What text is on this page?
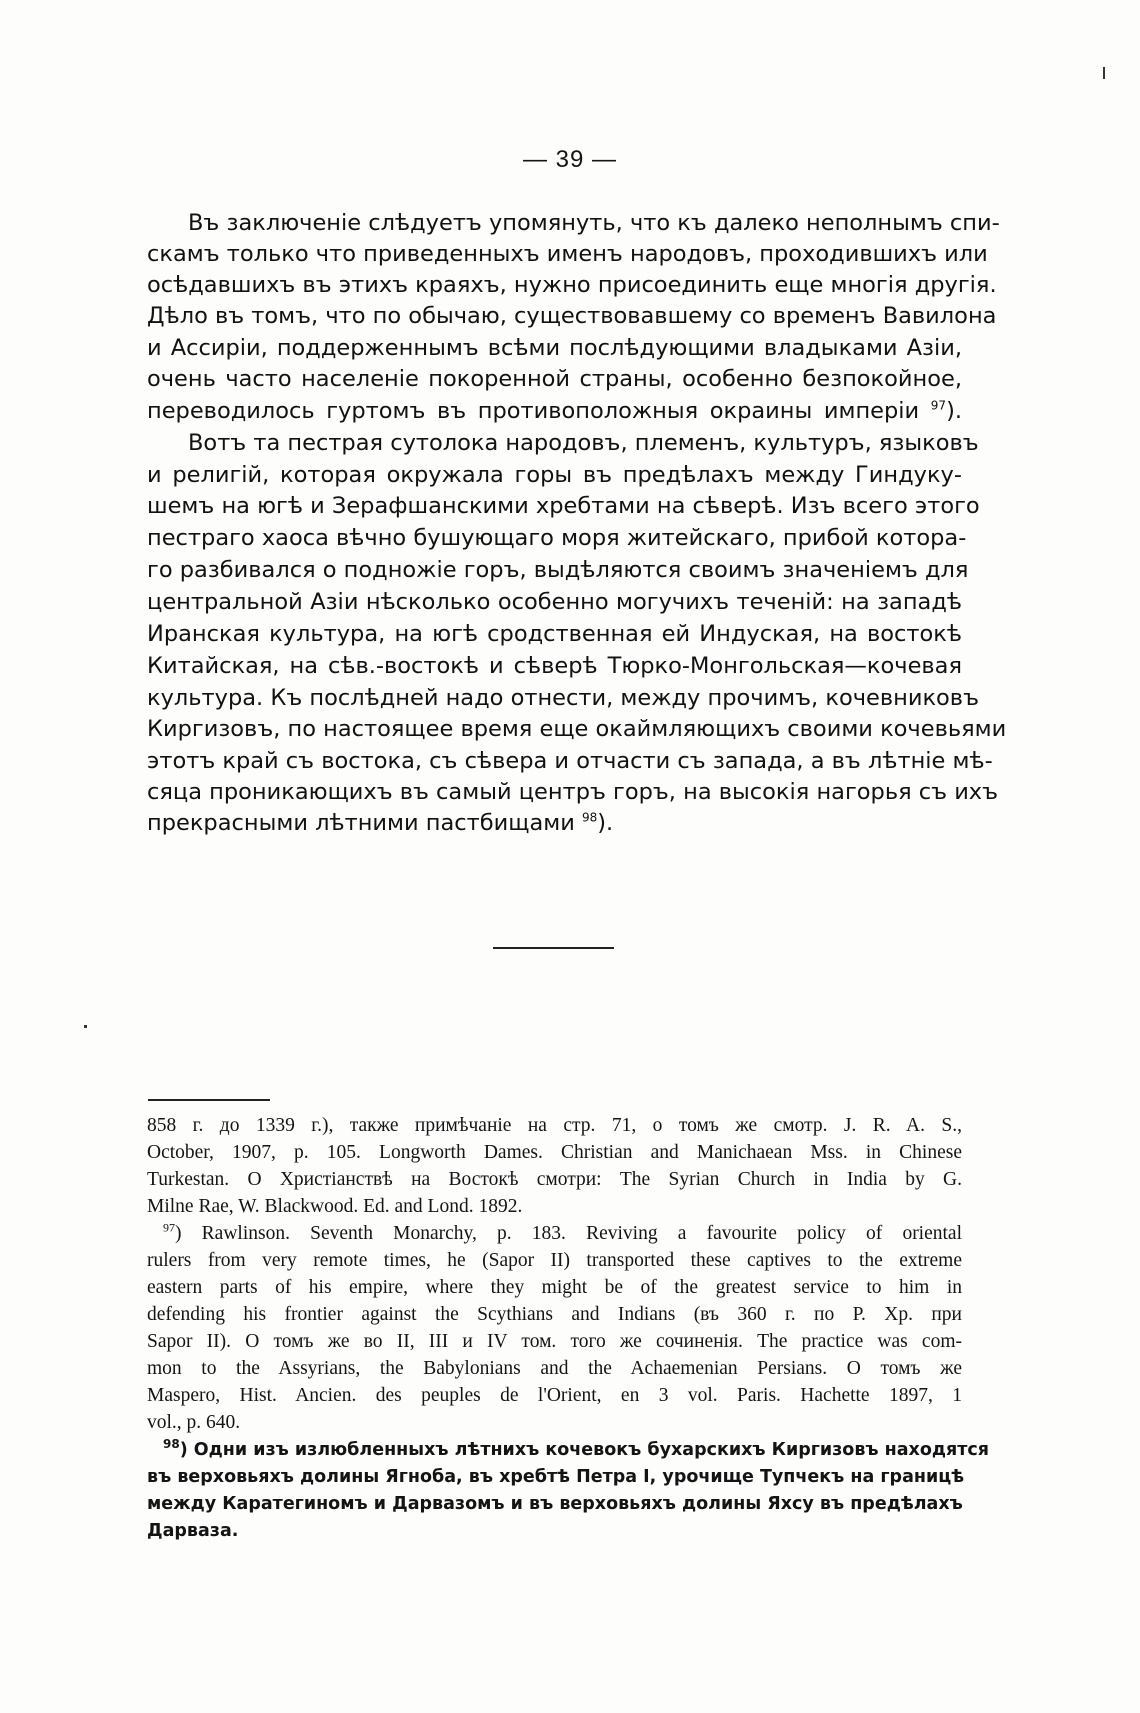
— 39 —
Въ заключеніе слѣдуетъ упомянуть, что къ далеко неполнымъ спи-
скамъ только что приведенныхъ именъ народовъ, проходившихъ или
осѣдавшихъ въ этихъ краяхъ, нужно присоединить еще многія другія.
Дѣло въ томъ, что по обычаю, существовавшему со временъ Вавилона
и Ассиріи, поддерженнымъ всѣми послѣдующими владыками Азіи,
очень часто населеніе покоренной страны, особенно безпокойное,
переводилось гуртомъ въ противоположныя окраины имперіи $^{97}$).
Вотъ та пестрая сутолока народовъ, племенъ, культуръ, языковъ
и религій, которая окружала горы въ предѣлахъ между Гиндуку-
шемъ на югѣ и Зерафшанскими хребтами на сѣверѣ. Изъ всего этого
пестраго хаоса вѣчно бушующаго моря житейскаго, прибой котора-
го разбивался о подножіе горъ, выдѣляются своимъ значеніемъ для
центральной Азіи нѣсколько особенно могучихъ теченій: на западѣ
Иранская культура, на югѣ сродственная ей Индуская, на востокѣ
Китайская, на сѣв.-востокѣ и сѣверѣ Тюрко-Монгольская—кочевая
культура. Къ послѣдней надо отнести, между прочимъ, кочевниковъ
Киргизовъ, по настоящее время еще окаймляющихъ своими кочевьями
этотъ край съ востока, съ сѣвера и отчасти съ запада, а въ лѣтніе мѣ-
сяца проникающихъ въ самый центръ горъ, на высокія нагорья съ ихъ
прекрасными лѣтними пастбищами $^{98}$).
858 г. до 1339 г.), также примѣчаніе на стр. 71, о томъ же смотр. J. R. A. S.,
October, 1907, p. 105. Longworth Dames. Christian and Manichaean Mss. in Chinese
Turkestan. О Христіанствѣ на Востокѣ смотри: The Syrian Church in India by G.
Milne Rae, W. Blackwood. Ed. and Lond. 1892.
$^{97}$) Rawlinson. Seventh Monarchy, p. 183. Reviving a favourite policy of oriental
rulers from very remote times, he (Sapor II) transported these captives to the extreme
eastern parts of his empire, where they might be of the greatest service to him in
defending his frontier against the Scythians and Indians (въ 360 г. по Р. Хр. при
Sapor II). О томъ же во II, III и IV том. того же сочиненія. The practice was com-
mon to the Assyrians, the Babylonians and the Achaemenian Persians. О томъ же
Maspero, Hist. Ancien. des peuples de l'Orient, en 3 vol. Paris. Hachette 1897, 1
vol., p. 640.
$^{98}$) Одни изъ излюбленныхъ лѣтнихъ кочевокъ бухарскихъ Киргизовъ находятся
въ верховьяхъ долины Ягноба, въ хребтѣ Петра I, урочище Тупчекъ на границѣ
между Каратегиномъ и Дарвазомъ и въ верховьяхъ долины Яхсу въ предѣлахъ
Дарваза.
